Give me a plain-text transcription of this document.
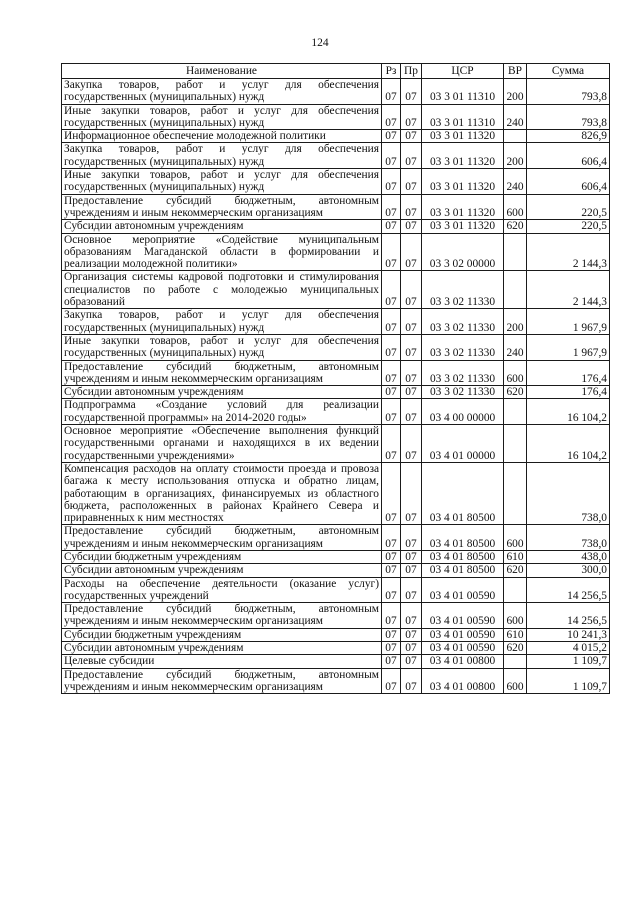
124
Наименование	Рз	Пр	ЦСР	ВР	Сумма
Закупка товаров, работ и услуг для обеспечения государственных (муниципальных) нужд	07	07	03 3 01 11310	200	793,8
Иные закупки товаров, работ и услуг для обеспечения государственных (муниципальных) нужд	07	07	03 3 01 11310	240	793,8
Информационное обеспечение молодежной политики	07	07	03 3 01 11320		826,9
Закупка товаров, работ и услуг для обеспечения государственных (муниципальных) нужд	07	07	03 3 01 11320	200	606,4
Иные закупки товаров, работ и услуг для обеспечения государственных (муниципальных) нужд	07	07	03 3 01 11320	240	606,4
Предоставление субсидий бюджетным, автономным учреждениям и иным некоммерческим организациям	07	07	03 3 01 11320	600	220,5
Субсидии автономным учреждениям	07	07	03 3 01 11320	620	220,5
Основное мероприятие «Содействие муниципальным образованиям Магаданской области в формировании и реализации молодежной политики»	07	07	03 3 02 00000		2 144,3
Организация системы кадровой подготовки и стимулирования специалистов по работе с молодежью муниципальных образований	07	07	03 3 02 11330		2 144,3
Закупка товаров, работ и услуг для обеспечения государственных (муниципальных) нужд	07	07	03 3 02 11330	200	1 967,9
Иные закупки товаров, работ и услуг для обеспечения государственных (муниципальных) нужд	07	07	03 3 02 11330	240	1 967,9
Предоставление субсидий бюджетным, автономным учреждениям и иным некоммерческим организациям	07	07	03 3 02 11330	600	176,4
Субсидии автономным учреждениям	07	07	03 3 02 11330	620	176,4
Подпрограмма «Создание условий для реализации государственной программы» на 2014-2020 годы»	07	07	03 4 00 00000		16 104,2
Основное мероприятие «Обеспечение выполнения функций государственными органами и находящихся в их ведении государственными учреждениями»	07	07	03 4 01 00000		16 104,2
Компенсация расходов на оплату стоимости проезда и провоза багажа к месту использования отпуска и обратно лицам, работающим в организациях, финансируемых из областного бюджета, расположенных в районах Крайнего Севера и приравненных к ним местностях	07	07	03 4 01 80500		738,0
Предоставление субсидий бюджетным, автономным учреждениям и иным некоммерческим организациям	07	07	03 4 01 80500	600	738,0
Субсидии бюджетным учреждениям	07	07	03 4 01 80500	610	438,0
Субсидии автономным учреждениям	07	07	03 4 01 80500	620	300,0
Расходы на обеспечение деятельности (оказание услуг) государственных учреждений	07	07	03 4 01 00590		14 256,5
Предоставление субсидий бюджетным, автономным учреждениям и иным некоммерческим организациям	07	07	03 4 01 00590	600	14 256,5
Субсидии бюджетным учреждениям	07	07	03 4 01 00590	610	10 241,3
Субсидии автономным учреждениям	07	07	03 4 01 00590	620	4 015,2
Целевые субсидии	07	07	03 4 01 00800		1 109,7
Предоставление субсидий бюджетным, автономным учреждениям и иным некоммерческим организациям	07	07	03 4 01 00800	600	1 109,7
